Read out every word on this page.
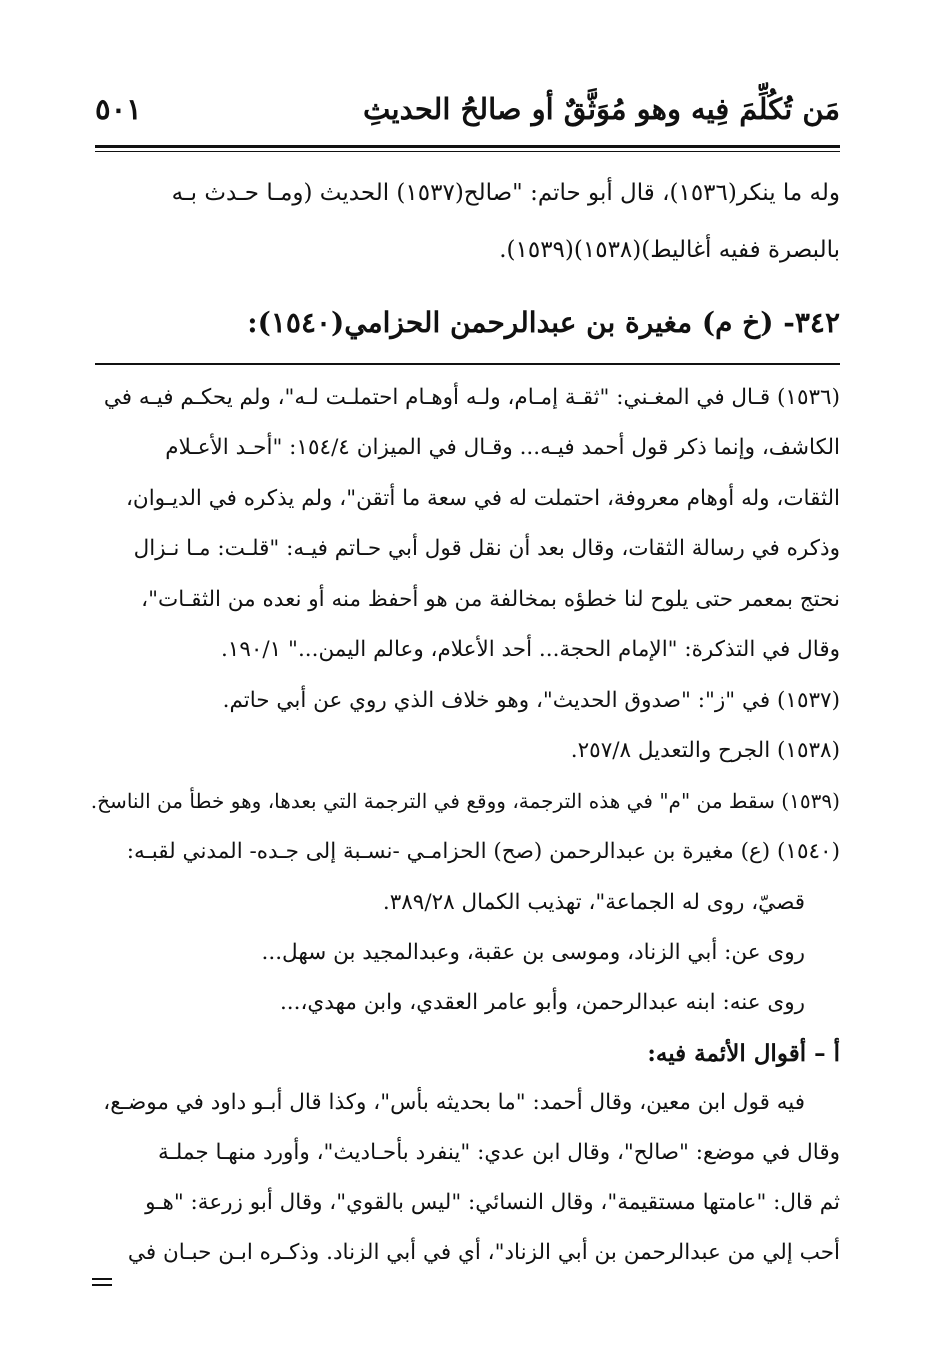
مَن تُكُلِّمَ فِيه وهو مُوَثَّقٌ أو صالحُ الحديثِ
٥٠١
وله ما ينكر(١٥٣٦)، قال أبو حاتم: "صالح(١٥٣٧) الحديث (ومـا حـدث بـه
بالبصرة ففيه أغاليط)(١٥٣٨)(١٥٣٩).
٣٤٢- (خ م) مغيرة بن عبدالرحمن الحزامي(١٥٤٠):
(١٥٣٦) قـال في المغـني: "ثقـة إمـام، ولـه أوهـام احتملـت لـه"، ولم يحكـم فيـه في
الكاشف، وإنما ذكر قول أحمد فيـه... وقـال في الميزان ١٥٤/٤: "أحـد الأعـلام
الثقات، وله أوهام معروفة، احتملت له في سعة ما أتقن"، ولم يذكره في الديـوان،
وذكره في رسالة الثقات، وقال بعد أن نقل قول أبي حـاتم فيـه: "قلـت: مـا نـزال
نحتج بمعمر حتى يلوح لنا خطؤه بمخالفة من هو أحفظ منه أو نعده من الثقـات"،
وقال في التذكرة: "الإمام الحجة... أحد الأعلام، وعالم اليمن..." ١٩٠/١.
(١٥٣٧) في "ز": "صدوق الحديث"، وهو خلاف الذي روي عن أبي حاتم.
(١٥٣٨) الجرح والتعديل ٢٥٧/٨.
(١٥٣٩) سقط من "م" في هذه الترجمة، ووقع في الترجمة التي بعدها، وهو خطأ من الناسخ.
(١٥٤٠) (ع) مغيرة بن عبدالرحمن (صح) الحزامـي -نسـبة إلى جـده- المدني لقبـه:
قصيّ، روى له الجماعة"، تهذيب الكمال ٣٨٩/٢٨.
روى عن: أبي الزناد، وموسى بن عقبة، وعبدالمجيد بن سهل...
روى عنه: ابنه عبدالرحمن، وأبو عامر العقدي، وابن مهدي،...
أ – أقوال الأئمة فيه:
فيه قول ابن معين، وقال أحمد: "ما بحديثه بأس"، وكذا قال أبـو داود في موضـع،
وقال في موضع: "صالح"، وقال ابن عدي: "ينفرد بأحـاديث"، وأورد منهـا جملـة
ثم قال: "عامتها مستقيمة"، وقال النسائي: "ليس بالقوي"، وقال أبو زرعة: "هـو
أحب إلي من عبدالرحمن بن أبي الزناد"، أي في أبي الزناد. وذكـره ابـن حبـان في
